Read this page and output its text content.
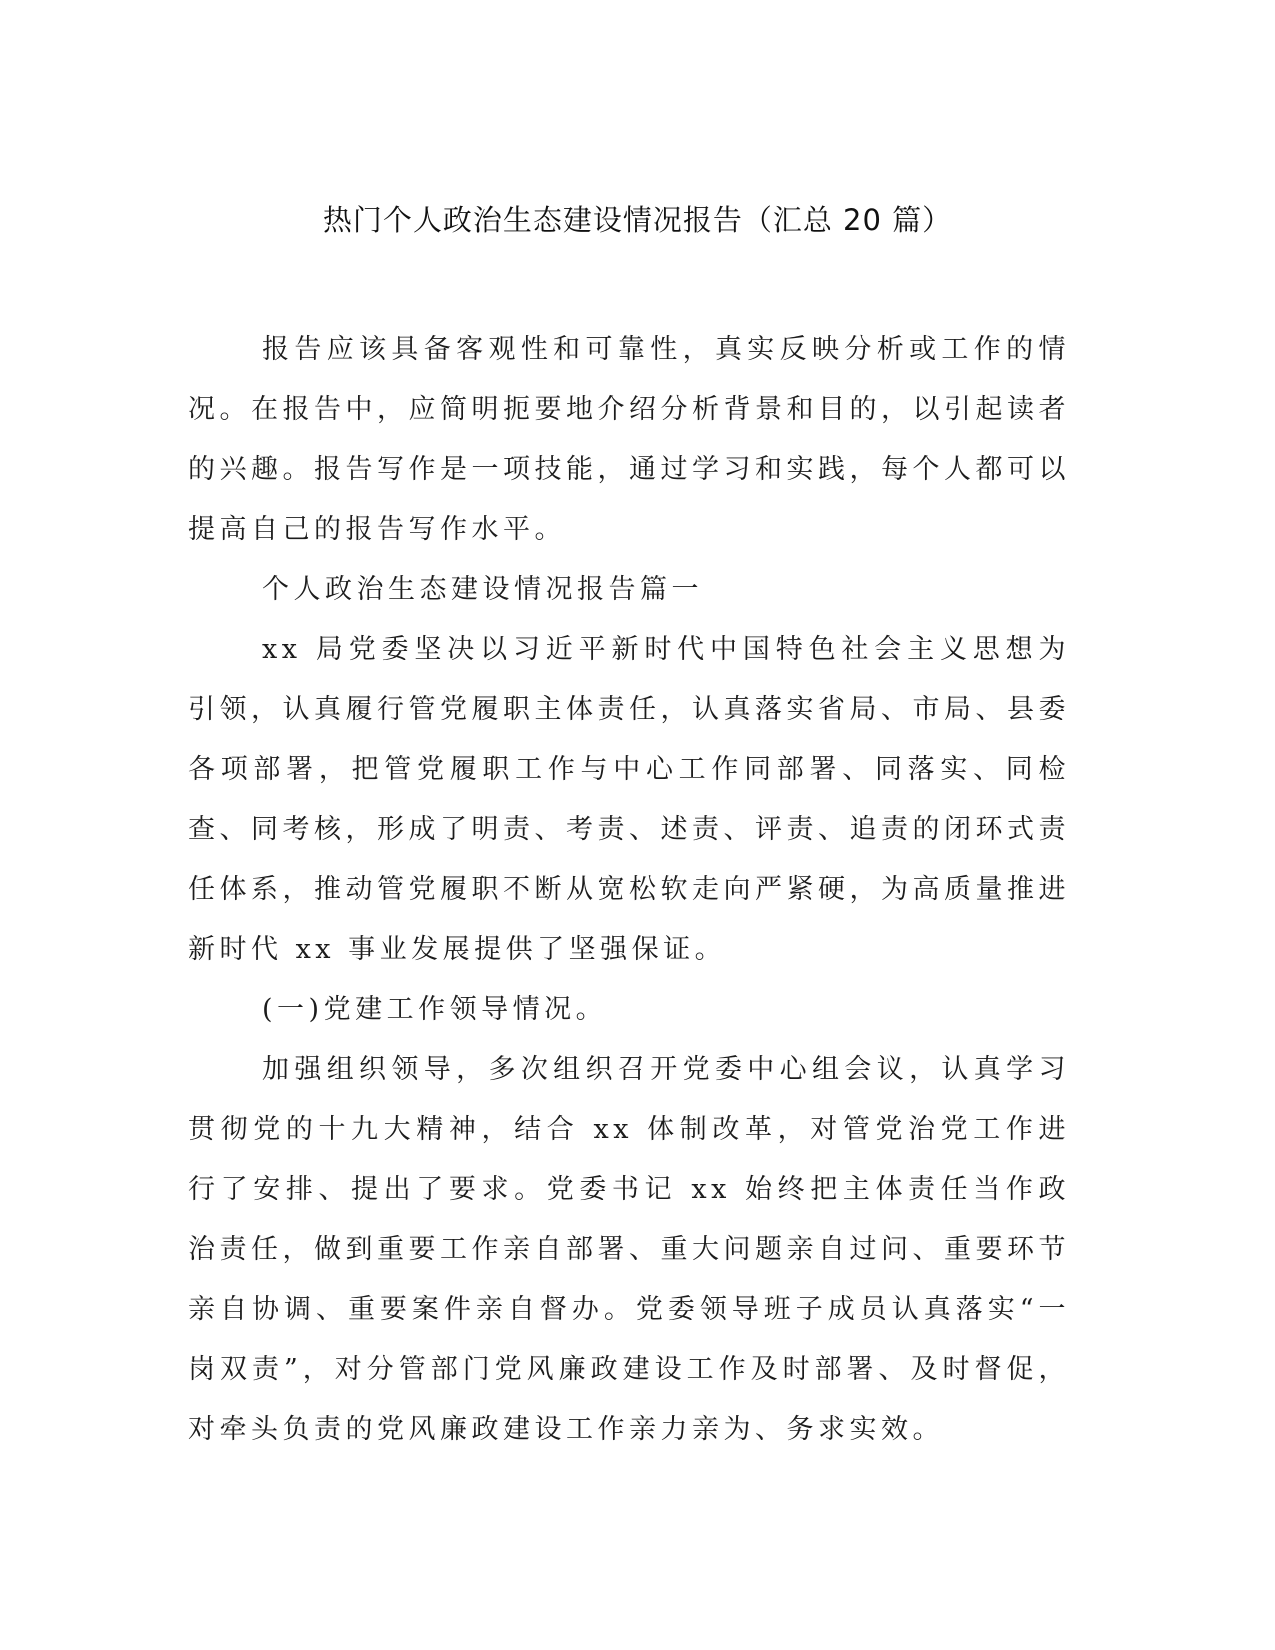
热门个人政治生态建设情况报告（汇总 20 篇）

报告应该具备客观性和可靠性，真实反映分析或工作的情况。在报告中，应简明扼要地介绍分析背景和目的，以引起读者的兴趣。报告写作是一项技能，通过学习和实践，每个人都可以提高自己的报告写作水平。

个人政治生态建设情况报告篇一

xx 局党委坚决以习近平新时代中国特色社会主义思想为引领，认真履行管党履职主体责任，认真落实省局、市局、县委各项部署，把管党履职工作与中心工作同部署、同落实、同检查、同考核，形成了明责、考责、述责、评责、追责的闭环式责任体系，推动管党履职不断从宽松软走向严紧硬，为高质量推进新时代 xx 事业发展提供了坚强保证。

(一)党建工作领导情况。

加强组织领导，多次组织召开党委中心组会议，认真学习贯彻党的十九大精神，结合 xx 体制改革，对管党治党工作进行了安排、提出了要求。党委书记 xx 始终把主体责任当作政治责任，做到重要工作亲自部署、重大问题亲自过问、重要环节亲自协调、重要案件亲自督办。党委领导班子成员认真落实“一岗双责”，对分管部门党风廉政建设工作及时部署、及时督促，对牵头负责的党风廉政建设工作亲力亲为、务求实效。
